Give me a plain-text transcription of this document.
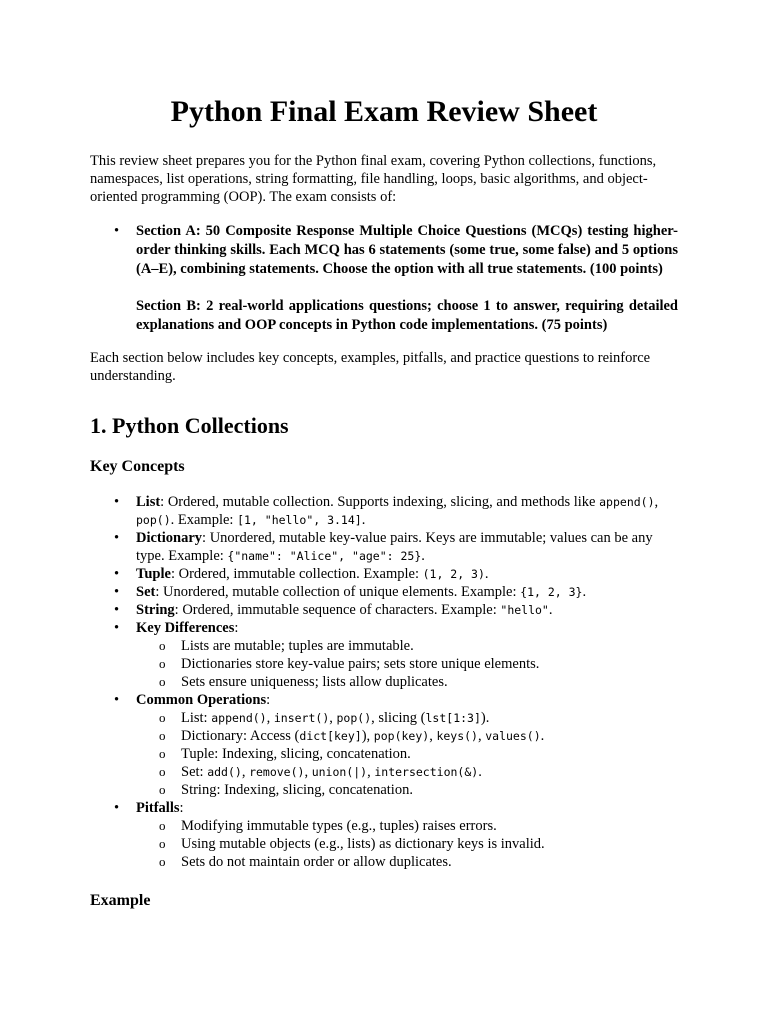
Python Final Exam Review Sheet

This review sheet prepares you for the Python final exam, covering Python collections, functions, namespaces, list operations, string formatting, file handling, loops, basic algorithms, and object-oriented programming (OOP). The exam consists of:

• Section A: 50 Composite Response Multiple Choice Questions (MCQs) testing higher-order thinking skills. Each MCQ has 6 statements (some true, some false) and 5 options (A–E), combining statements. Choose the option with all true statements. (100 points)
Section B: 2 real-world applications questions; choose 1 to answer, requiring detailed explanations and OOP concepts in Python code implementations. (75 points)

Each section below includes key concepts, examples, pitfalls, and practice questions to reinforce understanding.

1. Python Collections
Key Concepts
• List: Ordered, mutable collection. Supports indexing, slicing, and methods like append(), pop(). Example: [1, "hello", 3.14].
• Dictionary: Unordered, mutable key-value pairs. Keys are immutable; values can be any type. Example: {"name": "Alice", "age": 25}.
• Tuple: Ordered, immutable collection. Example: (1, 2, 3).
• Set: Unordered, mutable collection of unique elements. Example: {1, 2, 3}.
• String: Ordered, immutable sequence of characters. Example: "hello".
• Key Differences:
o Lists are mutable; tuples are immutable.
o Dictionaries store key-value pairs; sets store unique elements.
o Sets ensure uniqueness; lists allow duplicates.
• Common Operations:
o List: append(), insert(), pop(), slicing (lst[1:3]).
o Dictionary: Access (dict[key]), pop(key), keys(), values().
o Tuple: Indexing, slicing, concatenation.
o Set: add(), remove(), union(|), intersection(&).
o String: Indexing, slicing, concatenation.
• Pitfalls:
o Modifying immutable types (e.g., tuples) raises errors.
o Using mutable objects (e.g., lists) as dictionary keys is invalid.
o Sets do not maintain order or allow duplicates.
Example
